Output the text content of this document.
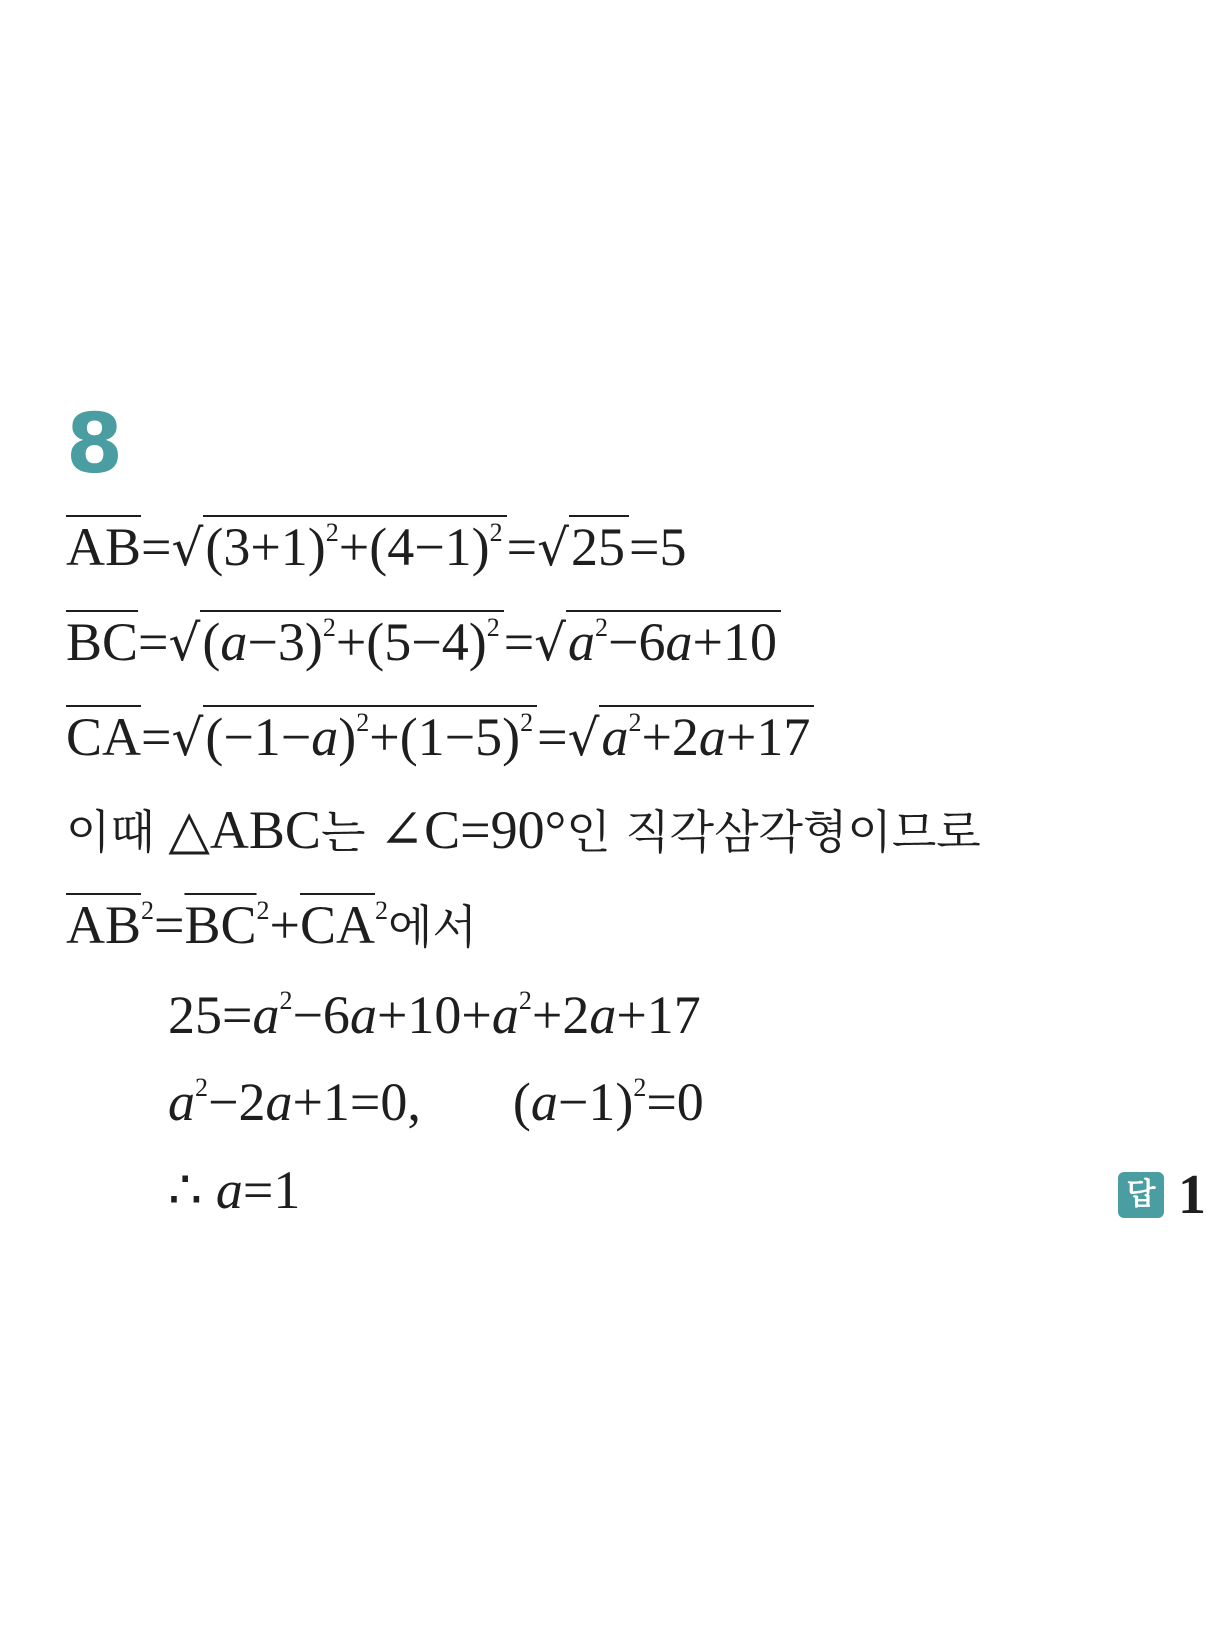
8
$\overline{AB}=√(3+1)^2+(4-1)^2=√25=5$
$\overline{BC}=√(a-3)^2+(5-4)^2=√a^2-6a+10$
$\overline{CA}=√(-1-a)^2+(1-5)^2=√a^2+2a+17$
이때 △ABC는 ∠C=90°인 직각삼각형이므로
$\overline{AB}^2=\overline{BC}^2+\overline{CA}^2$에서
$25=a^2-6a+10+a^2+2a+17$
$a^2-2a+1=0$, $(a-1)^2=0$
∴ a=1	답 1
